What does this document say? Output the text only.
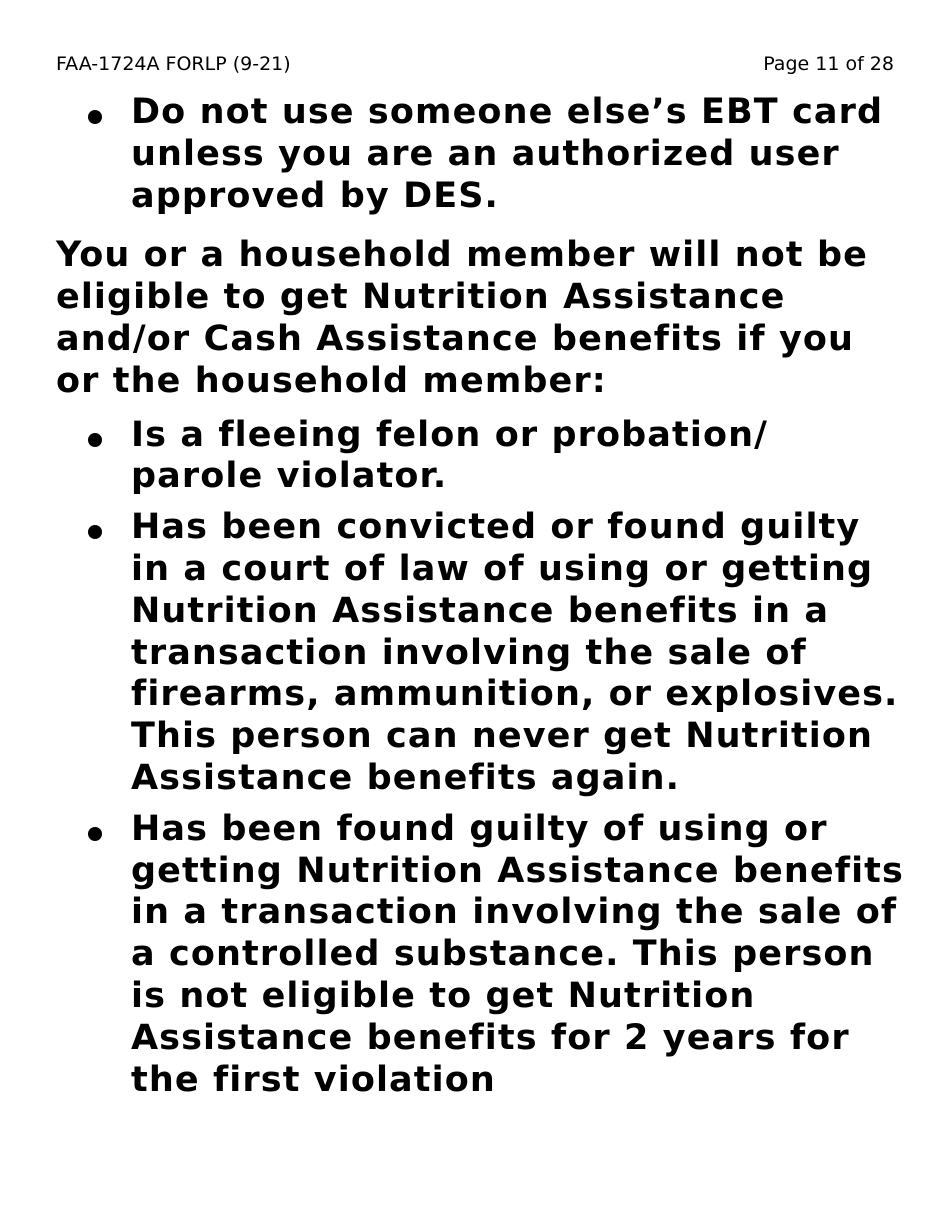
FAA-1724A FORLP (9-21)	Page 11 of 28
Do not use someone else’s EBT card unless you are an authorized user approved by DES.

You or a household member will not be eligible to get Nutrition Assistance and/or Cash Assistance benefits if you or the household member:

Is a fleeing felon or probation/ parole violator.
Has been convicted or found guilty in a court of law of using or getting Nutrition Assistance benefits in a transaction involving the sale of firearms, ammunition, or explosives. This person can never get Nutrition Assistance benefits again.
Has been found guilty of using or getting Nutrition Assistance benefits in a transaction involving the sale of a controlled substance. This person is not eligible to get Nutrition Assistance benefits for 2 years for the first violation
